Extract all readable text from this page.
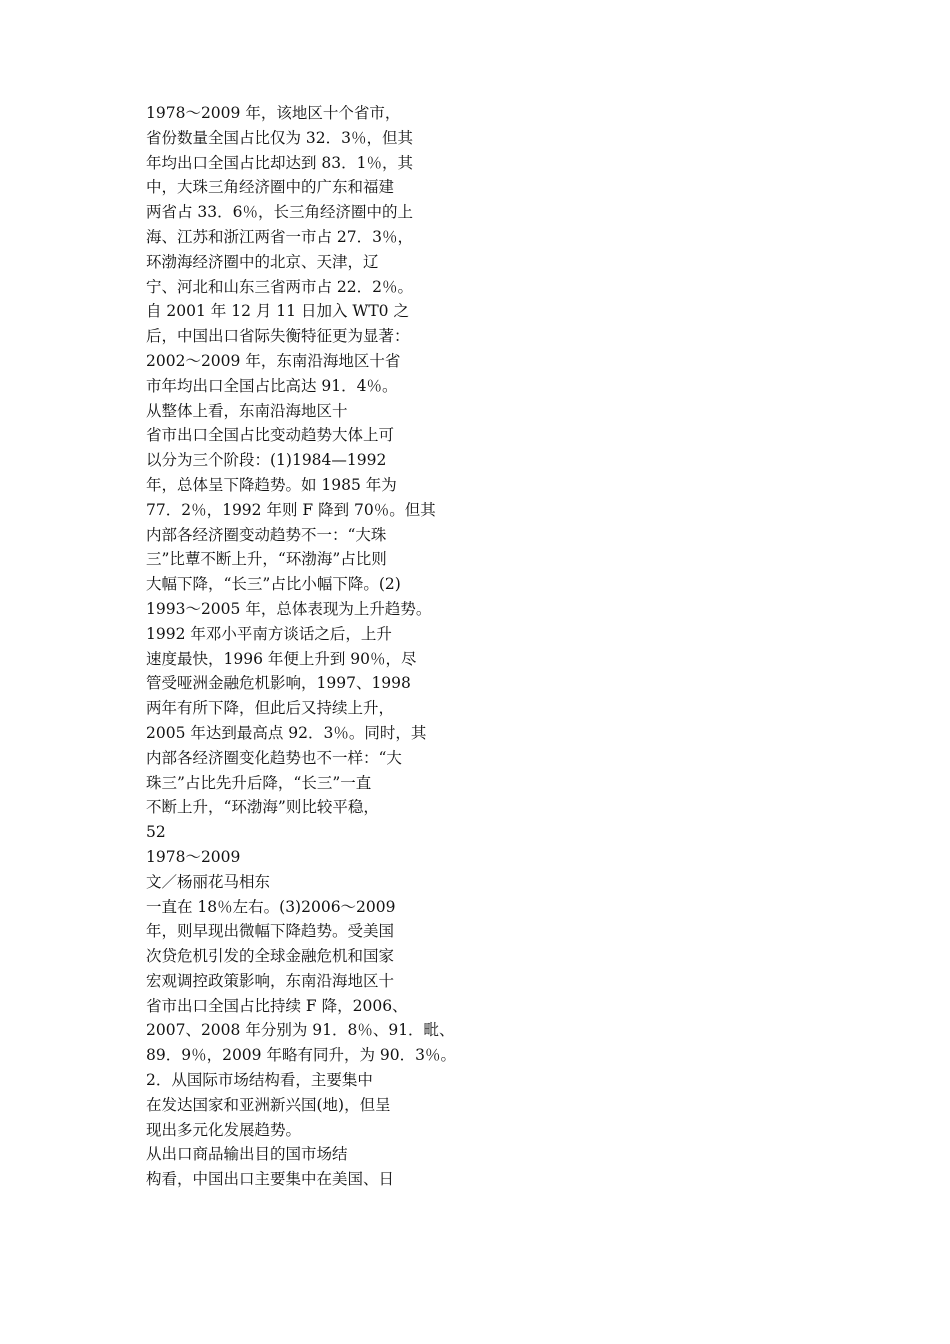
1978～2009 年，该地区十个省市，
省份数量全国占比仅为 32．3％，但其
年均出口全国占比却达到 83．1％，其
中，大珠三角经济圈中的广东和福建
两省占 33．6％，长三角经济圈中的上
海、江苏和浙江两省一市占 27．3％，
环渤海经济圈中的北京、天津，辽
宁、河北和山东三省两市占 22．2％。
自 2001 年 12 月 11 日加入 WT0 之
后，中国出口省际失衡特征更为显著：
2002～2009 年，东南沿海地区十省
市年均出口全国占比高达 91．4％。
从整体上看，东南沿海地区十
省市出口全国占比变动趋势大体上可
以分为三个阶段：(1)1984—1992
年，总体呈下降趋势。如 1985 年为
77．2％，1992 年则 F 降到 70％。但其
内部各经济圈变动趋势不一：“大珠
三”比蕈不断上升，“环渤海”占比则
大幅下降，“长三”占比小幅下降。(2)
1993～2005 年，总体表现为上升趋势。
1992 年邓小平南方谈话之后，上升
速度最快，1996 年便上升到 90％，尽
管受哑洲金融危机影响，1997、1998
两年有所下降，但此后又持续上升，
2005 年达到最高点 92．3％。同时，其
内部各经济圈变化趋势也不一样：“大
珠三”占比先升后降，“长三”一直
不断上升，“环渤海”则比较平稳，
52
1978～2009
文／杨丽花马相东
一直在 18％左右。(3)2006～2009
年，则早现出微幅下降趋势。受美国
次贷危机引发的全球金融危机和国家
宏观调控政策影响，东南沿海地区十
省市出口全国占比持续 F 降，2006、
2007、2008 年分别为 91．8％、91．毗、
89．9％，2009 年略有同升，为 90．3％。
2．从国际市场结构看，主要集中
在发达国家和亚洲新兴国(地)，但呈
现出多元化发展趋势。
从出口商品输出目的国市场结
构看，中国出口主要集中在美国、日
